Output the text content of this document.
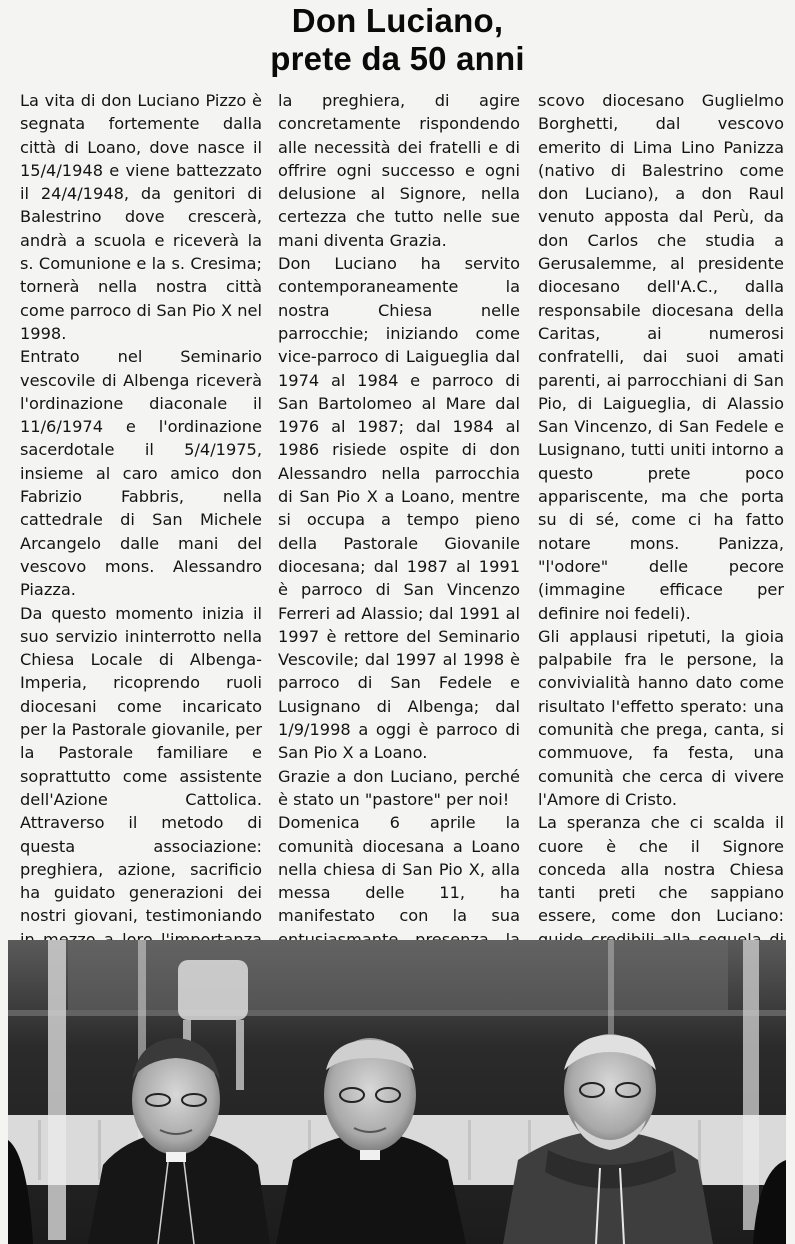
Don Luciano,
prete da 50 anni

La vita di don Luciano Pizzo è segnata fortemente dalla città di Loano, dove nasce il 15/4/1948 e viene battezzato il 24/4/1948, da genitori di Balestrino dove crescerà, andrà a scuola e riceverà la s. Comunione e la s. Cresima; tornerà nella nostra città come parroco di San Pio X nel 1998.

Entrato nel Seminario vescovile di Albenga riceverà l'ordinazione diaconale il 11/6/1974 e l'ordinazione sacerdotale il 5/4/1975, insieme al caro amico don Fabrizio Fabbris, nella cattedrale di San Michele Arcangelo dalle mani del vescovo mons. Alessandro Piazza.

Da questo momento inizia il suo servizio ininterrotto nella Chiesa Locale di Albenga-Imperia, ricoprendo ruoli diocesani come incaricato per la Pastorale giovanile, per la Pastorale familiare e soprattutto come assistente dell'Azione Cattolica. Attraverso il metodo di questa associazione: preghiera, azione, sacrificio ha guidato generazioni dei nostri giovani, testimoniando

la preghiera, di agire concretamente rispondendo alle necessità dei fratelli e di offrire ogni successo e ogni delusione al Signore, nella certezza che tutto nelle sue mani diventa Grazia.

Don Luciano ha servito contemporaneamente la nostra Chiesa nelle parrocchie; iniziando come vice-parroco di Laigueglia dal 1974 al 1984 e parroco di San Bartolomeo al Mare dal 1976 al 1987; dal 1984 al 1986 risiede ospite di don Alessandro nella parrocchia di San Pio X a Loano, mentre si occupa a tempo pieno della Pastorale Giovanile diocesana; dal 1987 al 1991 è parroco di San Vincenzo Ferreri ad Alassio; dal 1991 al 1997 è rettore del Seminario Vescovile; dal 1997 al 1998 è parroco di San Fedele e Lusignano di Albenga; dal 1/9/1998 a oggi è parroco di San Pio X a Loano.

Grazie a don Luciano, perché è stato un "pastore" per noi!

Domenica 6 aprile la comunità diocesana a Loano nella chiesa di San Pio X, alla messa delle 11, ha manifestato con la sua

scovo diocesano Guglielmo Borghetti, dal vescovo emerito di Lima Lino Panizza (nativo di Balestrino come don Luciano), a don Raul venuto apposta dal Perù, da don Carlos che studia a Gerusalemme, al presidente diocesano dell'A.C., dalla responsabile diocesana della Caritas, ai numerosi confratelli, dai suoi amati parenti, ai parrocchiani di San Pio, di Laigueglia, di Alassio San Vincenzo, di San Fedele e Lusignano, tutti uniti intorno a questo prete poco appariscente, ma che porta su di sé, come ci ha fatto notare mons. Panizza, "l'odore" delle pecore (immagine efficace per definire noi fedeli).

Gli applausi ripetuti, la gioia palpabile fra le persone, la convivialità hanno dato come risultato l'effetto sperato: una comunità che prega, canta, si commuove, fa festa, una comunità che cerca di vivere l'Amore di Cristo.

La speranza che ci scalda il cuore è che il Signore conceda alla nostra Chiesa tanti preti che sappiano essere, come don Luciano:
